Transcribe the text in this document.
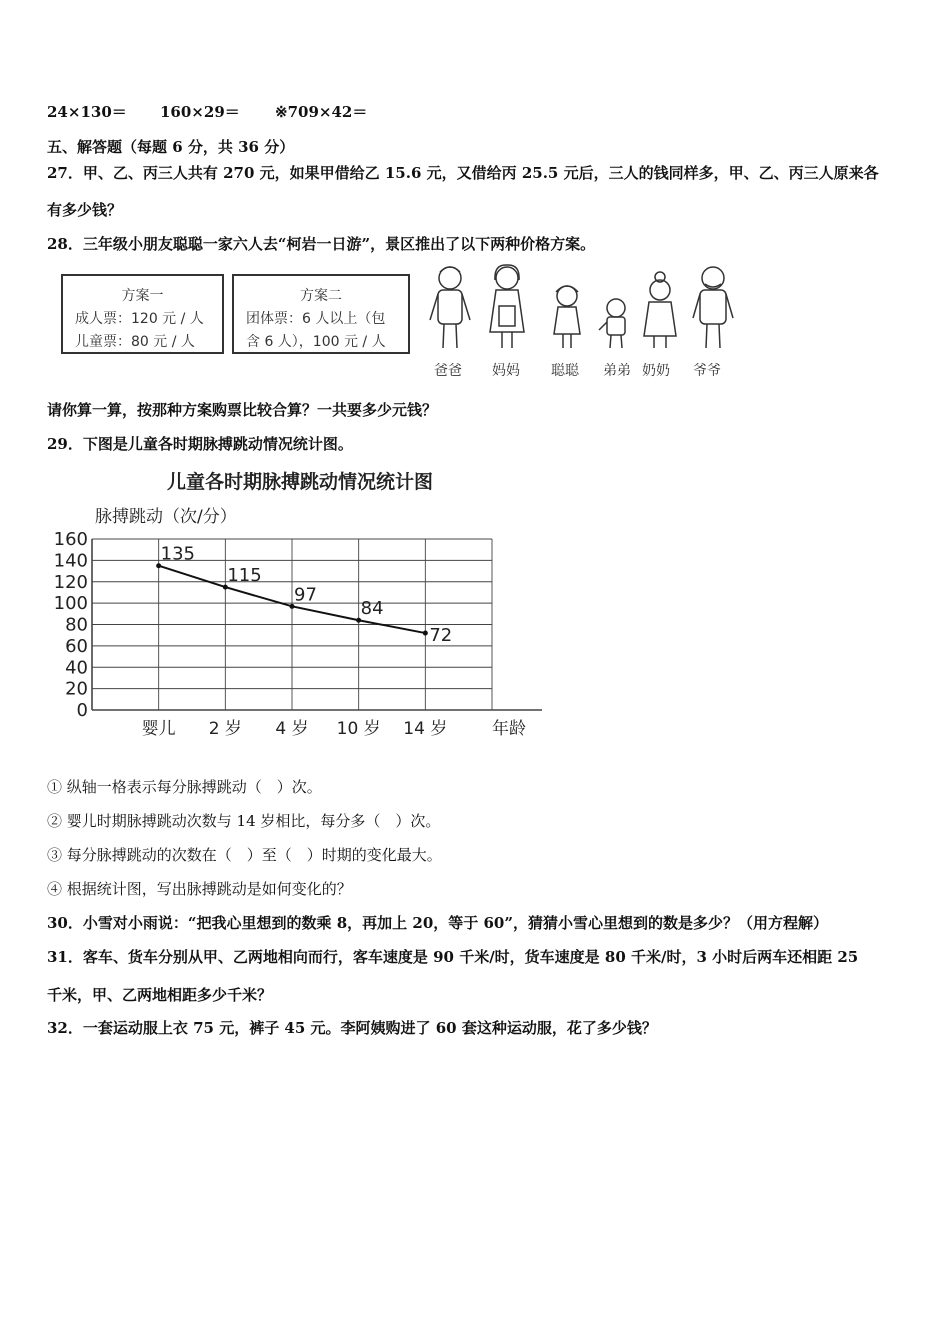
24×130＝ 160×29＝ ※709×42＝
五、解答题（每题 6 分，共 36 分）
27．甲、乙、丙三人共有 270 元，如果甲借给乙 15.6 元，又借给丙 25.5 元后，三人的钱同样多，甲、乙、丙三人原来各
有多少钱？
28．三年级小朋友聪聪一家六人去“柯岩一日游”，景区推出了以下两种价格方案。
方案一
成人票：120 元 / 人
儿童票：80 元 / 人
方案二
团体票：6 人以上（包
含 6 人），100 元 / 人
爸爸 妈妈 聪聪 弟弟 奶奶 爷爷
请你算一算，按那种方案购票比较合算？一共要多少元钱？
29．下图是儿童各时期脉搏跳动情况统计图。
儿童各时期脉搏跳动情况统计图
脉搏跳动（次/分）
年龄
160
140
120
100
80
60
40
20
0
婴儿 2 岁 4 岁 10 岁 14 岁
135
115
97
84
72
① 纵轴一格表示每分脉搏跳动（　）次。
② 婴儿时期脉搏跳动次数与 14 岁相比，每分多（　）次。
③ 每分脉搏跳动的次数在（　）至（　）时期的变化最大。
④ 根据统计图，写出脉搏跳动是如何变化的？
30．小雪对小雨说：“把我心里想到的数乘 8，再加上 20，等于 60”，猜猜小雪心里想到的数是多少？（用方程解）
31．客车、货车分别从甲、乙两地相向而行，客车速度是 90 千米/时，货车速度是 80 千米/时，3 小时后两车还相距 25
千米，甲、乙两地相距多少千米？
32．一套运动服上衣 75 元，裤子 45 元。李阿姨购进了 60 套这种运动服，花了多少钱？
